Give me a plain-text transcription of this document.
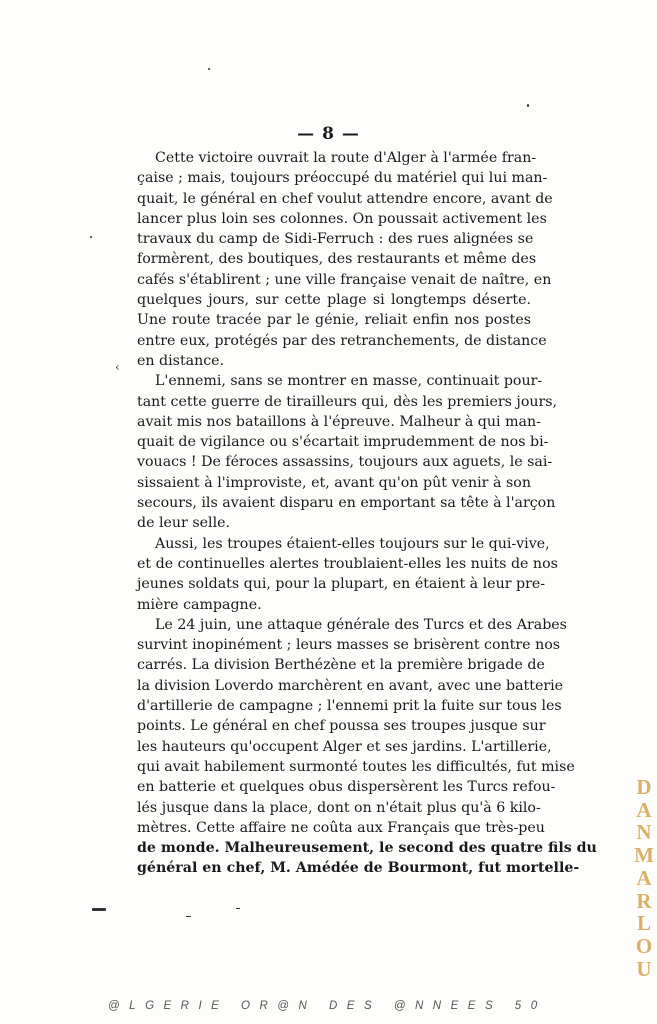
— 8 —
Cette victoire ouvrait la route d'Alger à l'armée fran-
çaise ; mais, toujours préoccupé du matériel qui lui man-
quait, le général en chef voulut attendre encore, avant de
lancer plus loin ses colonnes. On poussait activement les
travaux du camp de Sidi-Ferruch : des rues alignées se
formèrent, des boutiques, des restaurants et même des
cafés s'établirent ; une ville française venait de naître, en
quelques jours, sur cette plage si longtemps déserte.
Une route tracée par le génie, reliait enfin nos postes
entre eux, protégés par des retranchements, de distance
en distance.
L'ennemi, sans se montrer en masse, continuait pour-
tant cette guerre de tirailleurs qui, dès les premiers jours,
avait mis nos bataillons à l'épreuve. Malheur à qui man-
quait de vigilance ou s'écartait imprudemment de nos bi-
vouacs ! De féroces assassins, toujours aux aguets, le sai-
sissaient à l'improviste, et, avant qu'on pût venir à son
secours, ils avaient disparu en emportant sa tête à l'arçon
de leur selle.
Aussi, les troupes étaient-elles toujours sur le qui-vive,
et de continuelles alertes troublaient-elles les nuits de nos
jeunes soldats qui, pour la plupart, en étaient à leur pre-
mière campagne.
Le 24 juin, une attaque générale des Turcs et des Arabes
survint inopinément ; leurs masses se brisèrent contre nos
carrés. La division Berthézène et la première brigade de
la division Loverdo marchèrent en avant, avec une batterie
d'artillerie de campagne ; l'ennemi prit la fuite sur tous les
points. Le général en chef poussa ses troupes jusque sur
les hauteurs qu'occupent Alger et ses jardins. L'artillerie,
qui avait habilement surmonté toutes les difficultés, fut mise
en batterie et quelques obus dispersèrent les Turcs refou-
lés jusque dans la place, dont on n'était plus qu'à 6 kilo-
mètres. Cette affaire ne coûta aux Français que très-peu
de monde. Malheureusement, le second des quatre fils du
général en chef, M. Amédée de Bourmont, fut mortelle-
‹
@LGERIE OR@N DES @NNEES 50
DANMARLOU
